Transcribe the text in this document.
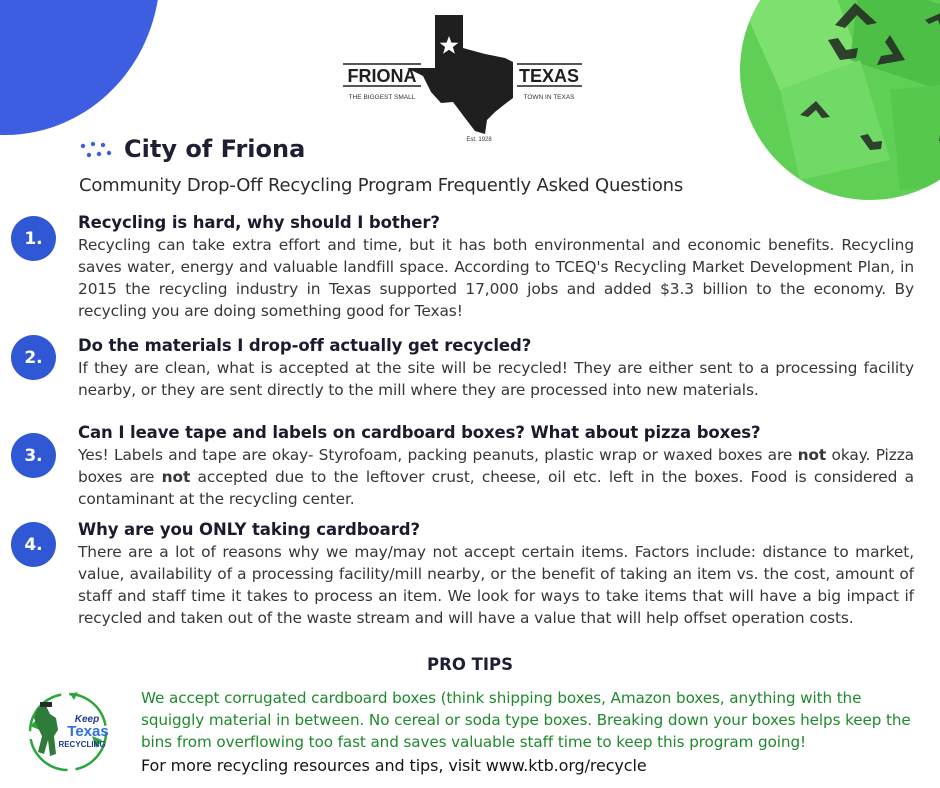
FRIONA	TEXAS
THE BIGGEST SMALL	TOWN IN TEXAS
Est. 1928
City of Friona
Community Drop-Off Recycling Program Frequently Asked Questions
1.
Recycling is hard, why should I bother?

Recycling can take extra effort and time, but it has both environmental and economic benefits. Recycling saves water, energy and valuable landfill space. According to TCEQ's Recycling Market Development Plan, in 2015 the recycling industry in Texas supported 17,000 jobs and added $3.3 billion to the economy. By recycling you are doing something good for Texas!

2.
Do the materials I drop-off actually get recycled?

If they are clean, what is accepted at the site will be recycled! They are either sent to a processing facility nearby, or they are sent directly to the mill where they are processed into new materials.

3.
Can I leave tape and labels on cardboard boxes? What about pizza boxes?

Yes! Labels and tape are okay- Styrofoam, packing peanuts, plastic wrap or waxed boxes are not okay. Pizza boxes are not accepted due to the leftover crust, cheese, oil etc. left in the boxes. Food is considered a contaminant at the recycling center.

4.
Why are you ONLY taking cardboard?

There are a lot of reasons why we may/may not accept certain items. Factors include: distance to market, value, availability of a processing facility/mill nearby, or the benefit of taking an item vs. the cost, amount of staff and staff time it takes to process an item. We look for ways to take items that will have a big impact if recycled and taken out of the waste stream and will have a value that will help offset operation costs.

PRO TIPS
Keep
Texas
RECYCLING
We accept corrugated cardboard boxes (think shipping boxes, Amazon boxes, anything with the squiggly material in between. No cereal or soda type boxes. Breaking down your boxes helps keep the bins from overflowing too fast and saves valuable staff time to keep this program going!
For more recycling resources and tips, visit www.ktb.org/recycle
